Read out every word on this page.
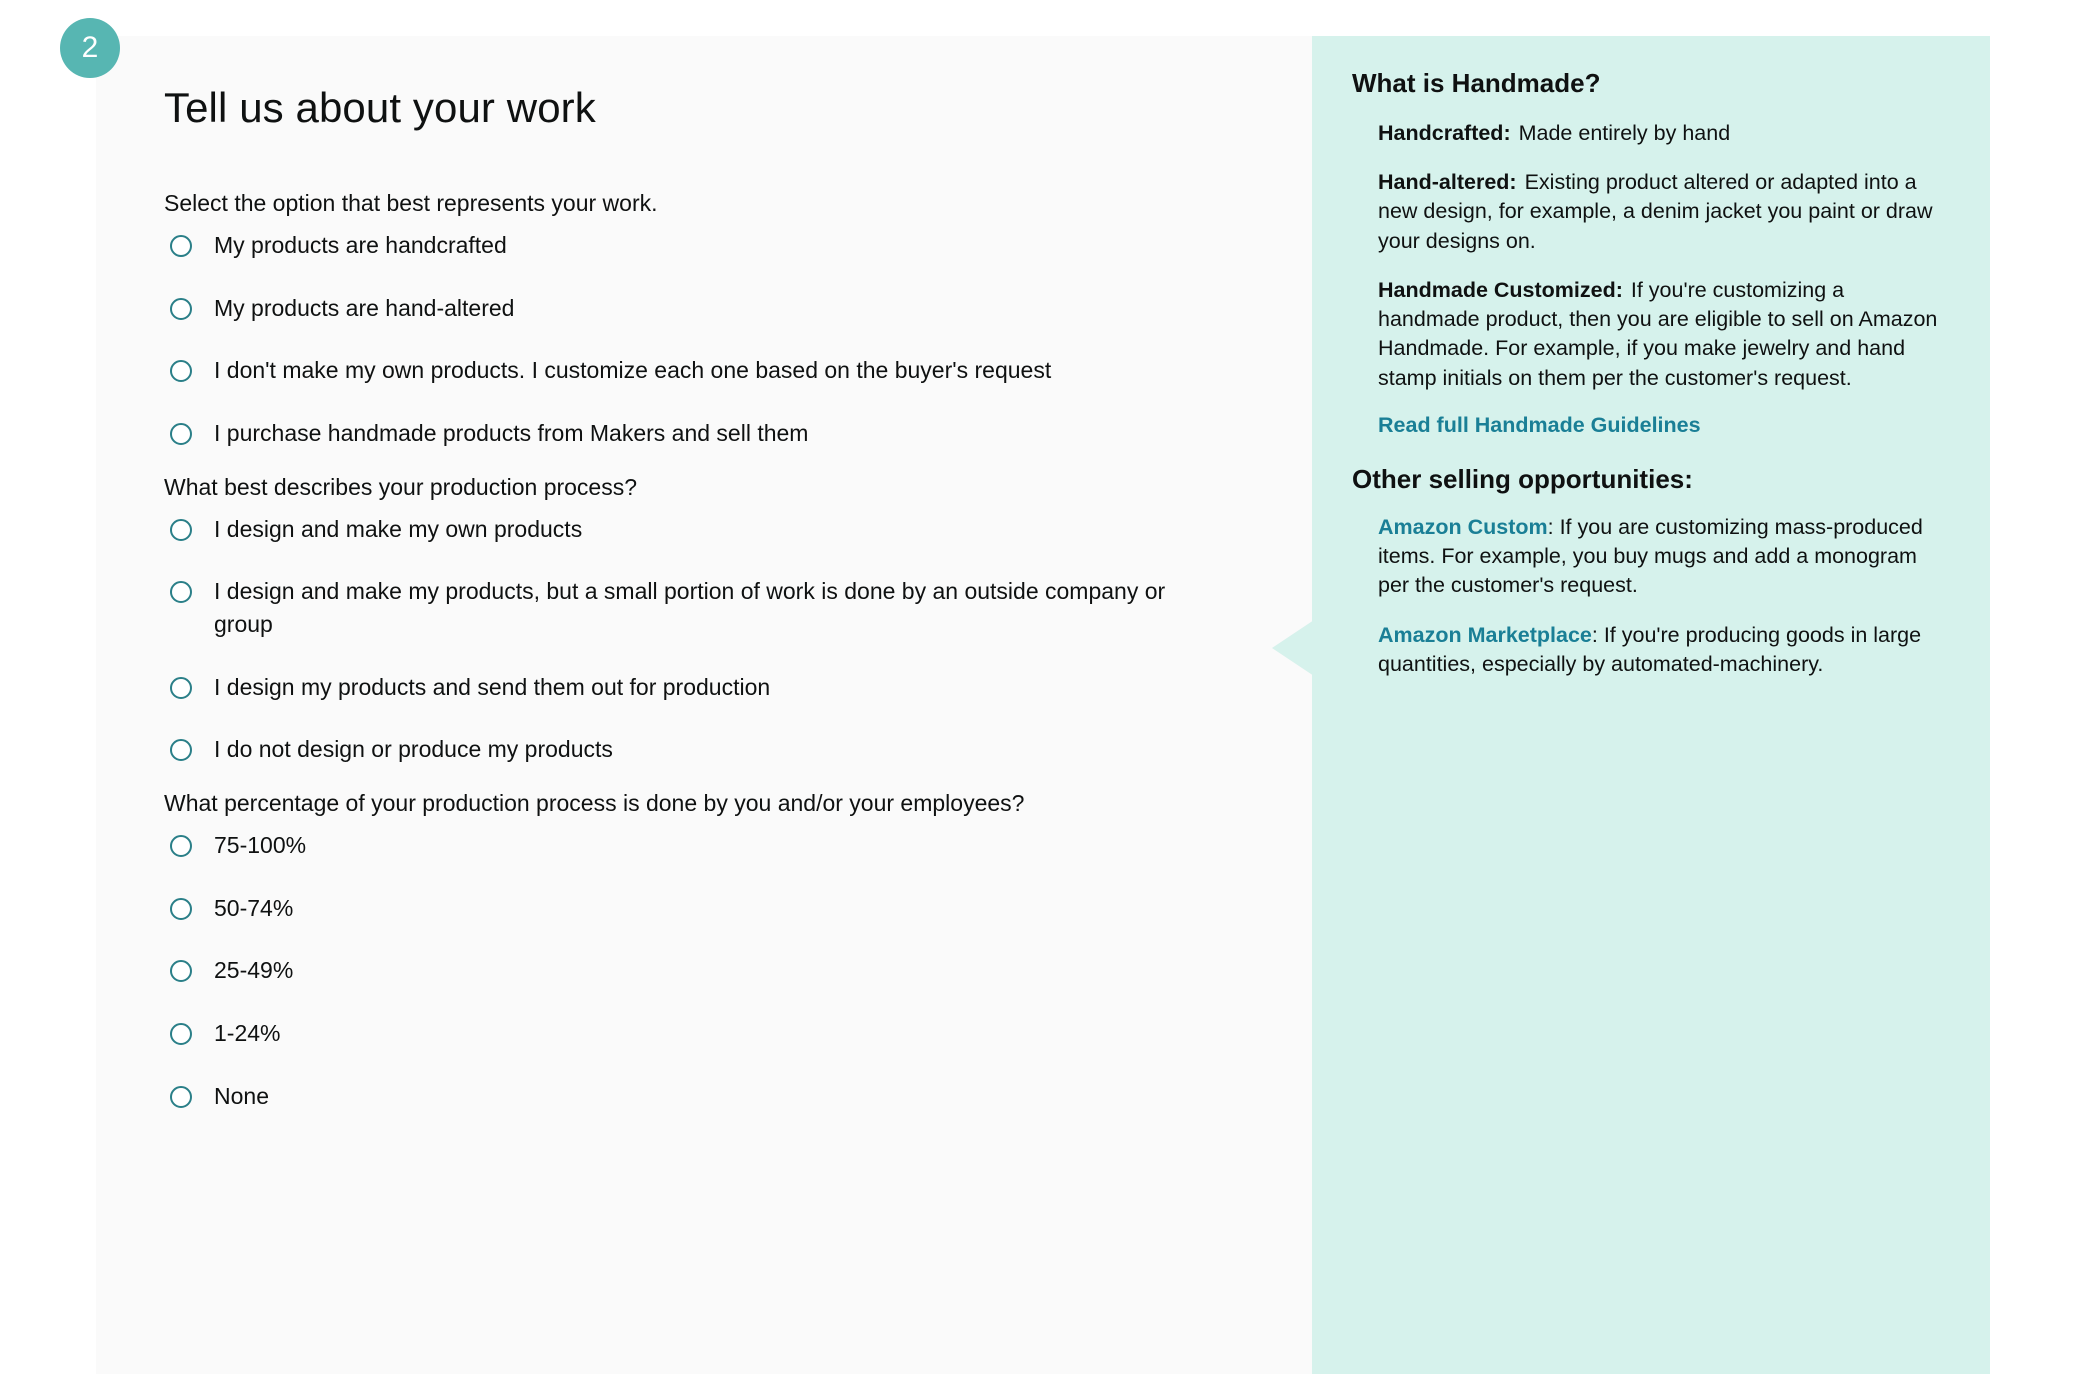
2
Tell us about your work

Select the option that best represents your work.

My products are handcrafted
My products are hand-altered
I don't make my own products. I customize each one based on the buyer's request
I purchase handmade products from Makers and sell them

What best describes your production process?

I design and make my own products
I design and make my products, but a small portion of work is done by an outside company or group
I design my products and send them out for production
I do not design or produce my products

What percentage of your production process is done by you and/or your employees?

75-100%
50-74%
25-49%
1-24%
None
What is Handmade?

Handcrafted: Made entirely by hand

Hand-altered: Existing product altered or adapted into a new design, for example, a denim jacket you paint or draw your designs on.

Handmade Customized: If you're customizing a handmade product, then you are eligible to sell on Amazon Handmade. For example, if you make jewelry and hand stamp initials on them per the customer's request.

Read full Handmade Guidelines
Other selling opportunities:

Amazon Custom: If you are customizing mass-produced items. For example, you buy mugs and add a monogram per the customer's request.

Amazon Marketplace: If you're producing goods in large quantities, especially by automated-machinery.
